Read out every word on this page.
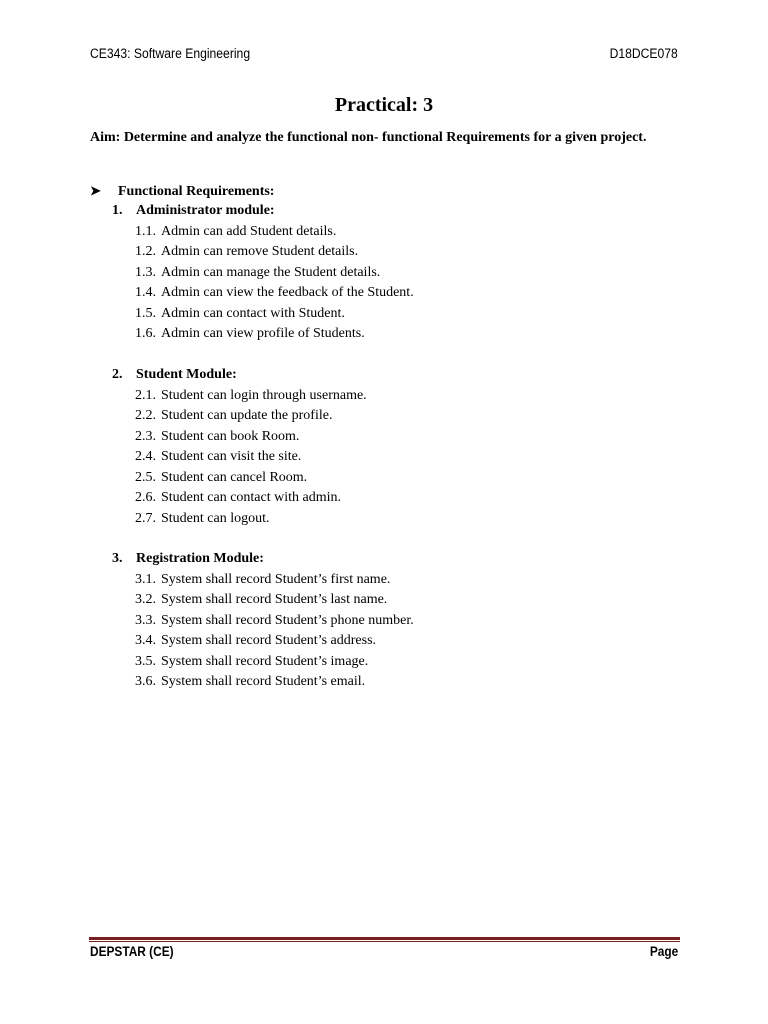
CE343: Software Engineering	D18DCE078
Practical: 3
Aim: Determine and analyze the functional non- functional Requirements for a given project.
➤ Functional Requirements:
1. Administrator module:
1.1. Admin can add Student details.
1.2. Admin can remove Student details.
1.3. Admin can manage the Student details.
1.4. Admin can view the feedback of the Student.
1.5. Admin can contact with Student.
1.6. Admin can view profile of Students.
2. Student Module:
2.1. Student can login through username.
2.2. Student can update the profile.
2.3. Student can book Room.
2.4. Student can visit the site.
2.5. Student can cancel Room.
2.6. Student can contact with admin.
2.7. Student can logout.
3. Registration Module:
3.1. System shall record Student’s first name.
3.2. System shall record Student’s last name.
3.3. System shall record Student’s phone number.
3.4. System shall record Student’s address.
3.5. System shall record Student’s image.
3.6. System shall record Student’s email.
DEPSTAR (CE)	Page
